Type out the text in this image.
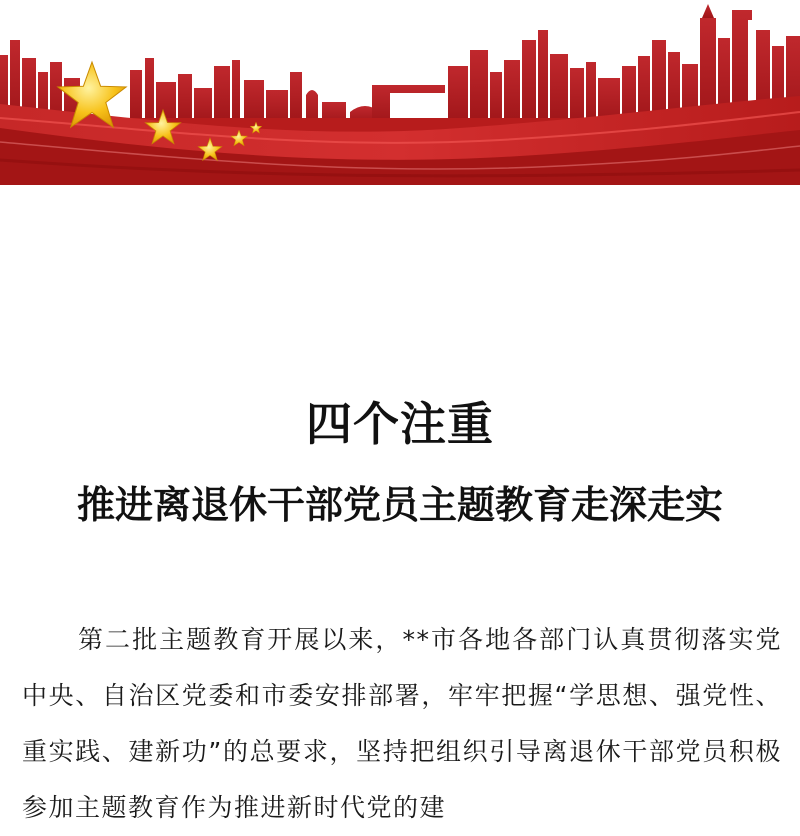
四个注重
推进离退休干部党员主题教育走深走实

第二批主题教育开展以来，**市各地各部门认真贯彻落实党中央、自治区党委和市委安排部署，牢牢把握“学思想、强党性、重实践、建新功”的总要求，坚持把组织引导离退休干部党员积极参加主题教育作为推进新时代党的建
